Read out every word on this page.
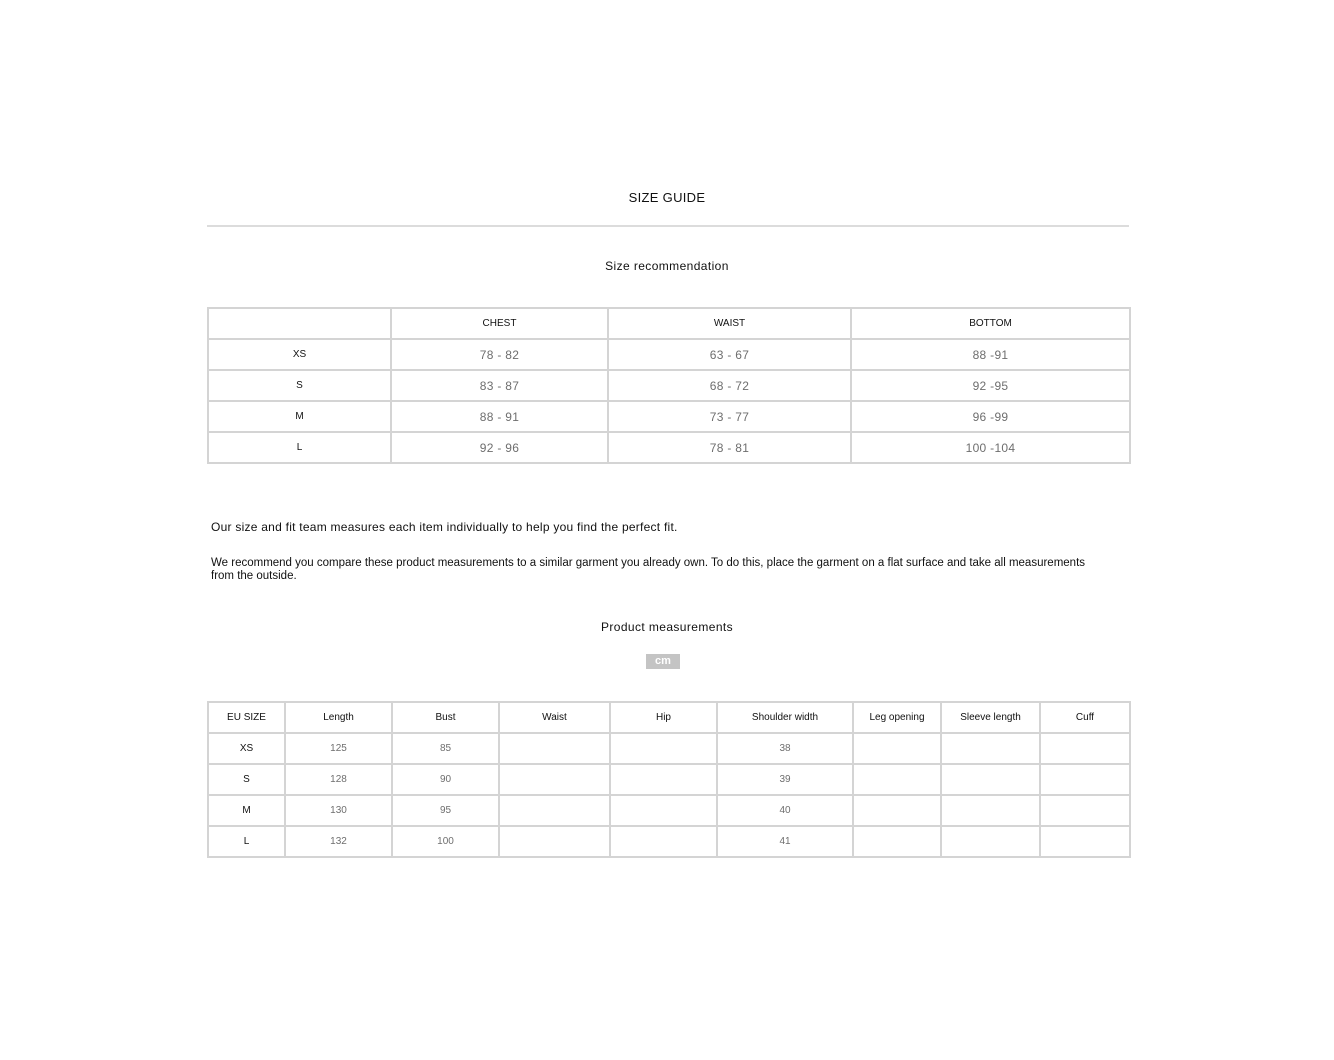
SIZE GUIDE
Size recommendation
	CHEST	WAIST	BOTTOM
XS	78 - 82	63 - 67	88 -91
S	83 - 87	68 - 72	92 -95
M	88 - 91	73 - 77	96 -99
L	92 - 96	78 - 81	100 -104
Our size and fit team measures each item individually to help you find the perfect fit.
We recommend you compare these product measurements to a similar garment you already own. To do this, place the garment on a flat surface and take all measurements from the outside.
Product measurements
cm
EU SIZE	Length	Bust	Waist	Hip	Shoulder width	Leg opening	Sleeve length	Cuff
XS	125	85			38			
S	128	90			39			
M	130	95			40			
L	132	100			41			
